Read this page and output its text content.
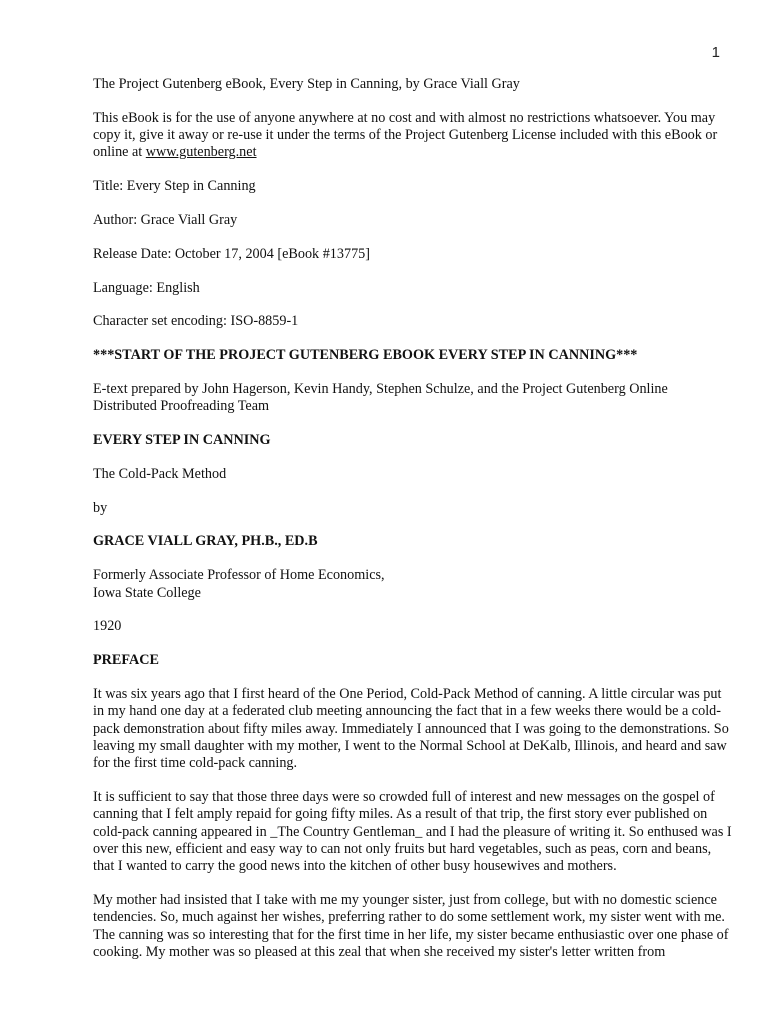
1

The Project Gutenberg eBook, Every Step in Canning, by Grace Viall Gray

This eBook is for the use of anyone anywhere at no cost and with almost no restrictions whatsoever. You may copy it, give it away or re-use it under the terms of the Project Gutenberg License included with this eBook or online at www.gutenberg.net

Title: Every Step in Canning

Author: Grace Viall Gray

Release Date: October 17, 2004 [eBook #13775]

Language: English

Character set encoding: ISO-8859-1

***START OF THE PROJECT GUTENBERG EBOOK EVERY STEP IN CANNING***

E-text prepared by John Hagerson, Kevin Handy, Stephen Schulze, and the Project Gutenberg Online Distributed Proofreading Team

EVERY STEP IN CANNING

The Cold-Pack Method

by

GRACE VIALL GRAY, PH.B., ED.B

Formerly Associate Professor of Home Economics,
Iowa State College

1920

PREFACE

It was six years ago that I first heard of the One Period, Cold-Pack Method of canning. A little circular was put in my hand one day at a federated club meeting announcing the fact that in a few weeks there would be a cold-pack demonstration about fifty miles away. Immediately I announced that I was going to the demonstrations. So leaving my small daughter with my mother, I went to the Normal School at DeKalb, Illinois, and heard and saw for the first time cold-pack canning.

It is sufficient to say that those three days were so crowded full of interest and new messages on the gospel of canning that I felt amply repaid for going fifty miles. As a result of that trip, the first story ever published on cold-pack canning appeared in _The Country Gentleman_ and I had the pleasure of writing it. So enthused was I over this new, efficient and easy way to can not only fruits but hard vegetables, such as peas, corn and beans, that I wanted to carry the good news into the kitchen of other busy housewives and mothers.

My mother had insisted that I take with me my younger sister, just from college, but with no domestic science tendencies. So, much against her wishes, preferring rather to do some settlement work, my sister went with me. The canning was so interesting that for the first time in her life, my sister became enthusiastic over one phase of cooking. My mother was so pleased at this zeal that when she received my sister's letter written from
